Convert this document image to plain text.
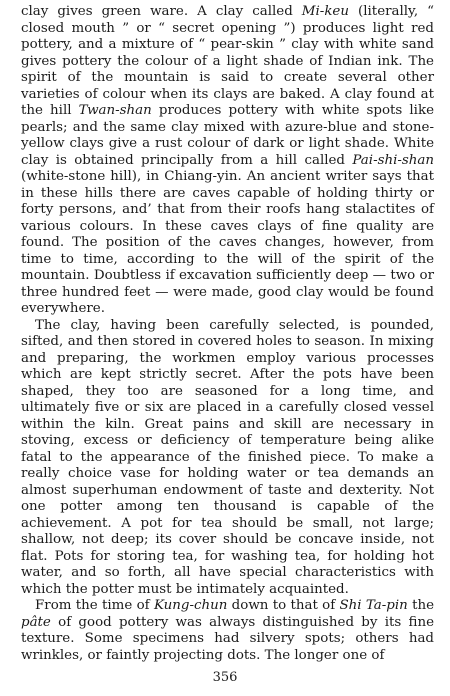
clay gives green ware. A clay called Mi-keu (literally, “ closed mouth ” or “ secret opening ”) produces light red pottery, and a mixture of “ pear-skin ” clay with white sand gives pottery the colour of a light shade of Indian ink. The spirit of the mountain is said to create several other varieties of colour when its clays are baked. A clay found at the hill Twan-shan produces pottery with white spots like pearls; and the same clay mixed with azure-blue and stone-yellow clays give a rust colour of dark or light shade. White clay is obtained principally from a hill called Pai-shi-shan (white-stone hill), in Chiang-yin. An ancient writer says that in these hills there are caves capable of holding thirty or forty persons, and’ that from their roofs hang stalactites of various colours. In these caves clays of fine quality are found. The position of the caves changes, however, from time to time, according to the will of the spirit of the mountain. Doubtless if excavation sufficiently deep — two or three hundred feet — were made, good clay would be found everywhere.

The clay, having been carefully selected, is pounded, sifted, and then stored in covered holes to season. In mixing and preparing, the workmen employ various processes which are kept strictly secret. After the pots have been shaped, they too are seasoned for a long time, and ultimately five or six are placed in a carefully closed vessel within the kiln. Great pains and skill are necessary in stoving, excess or deficiency of temperature being alike fatal to the appearance of the finished piece. To make a really choice vase for holding water or tea demands an almost superhuman endowment of taste and dexterity. Not one potter among ten thousand is capable of the achievement. A pot for tea should be small, not large; shallow, not deep; its cover should be concave inside, not flat. Pots for storing tea, for washing tea, for holding hot water, and so forth, all have special characteristics with which the potter must be intimately acquainted.

From the time of Kung-chun down to that of Shi Ta-pin the pâte of good pottery was always distinguished by its fine texture. Some specimens had silvery spots; others had wrinkles, or faintly projecting dots. The longer one of

356
